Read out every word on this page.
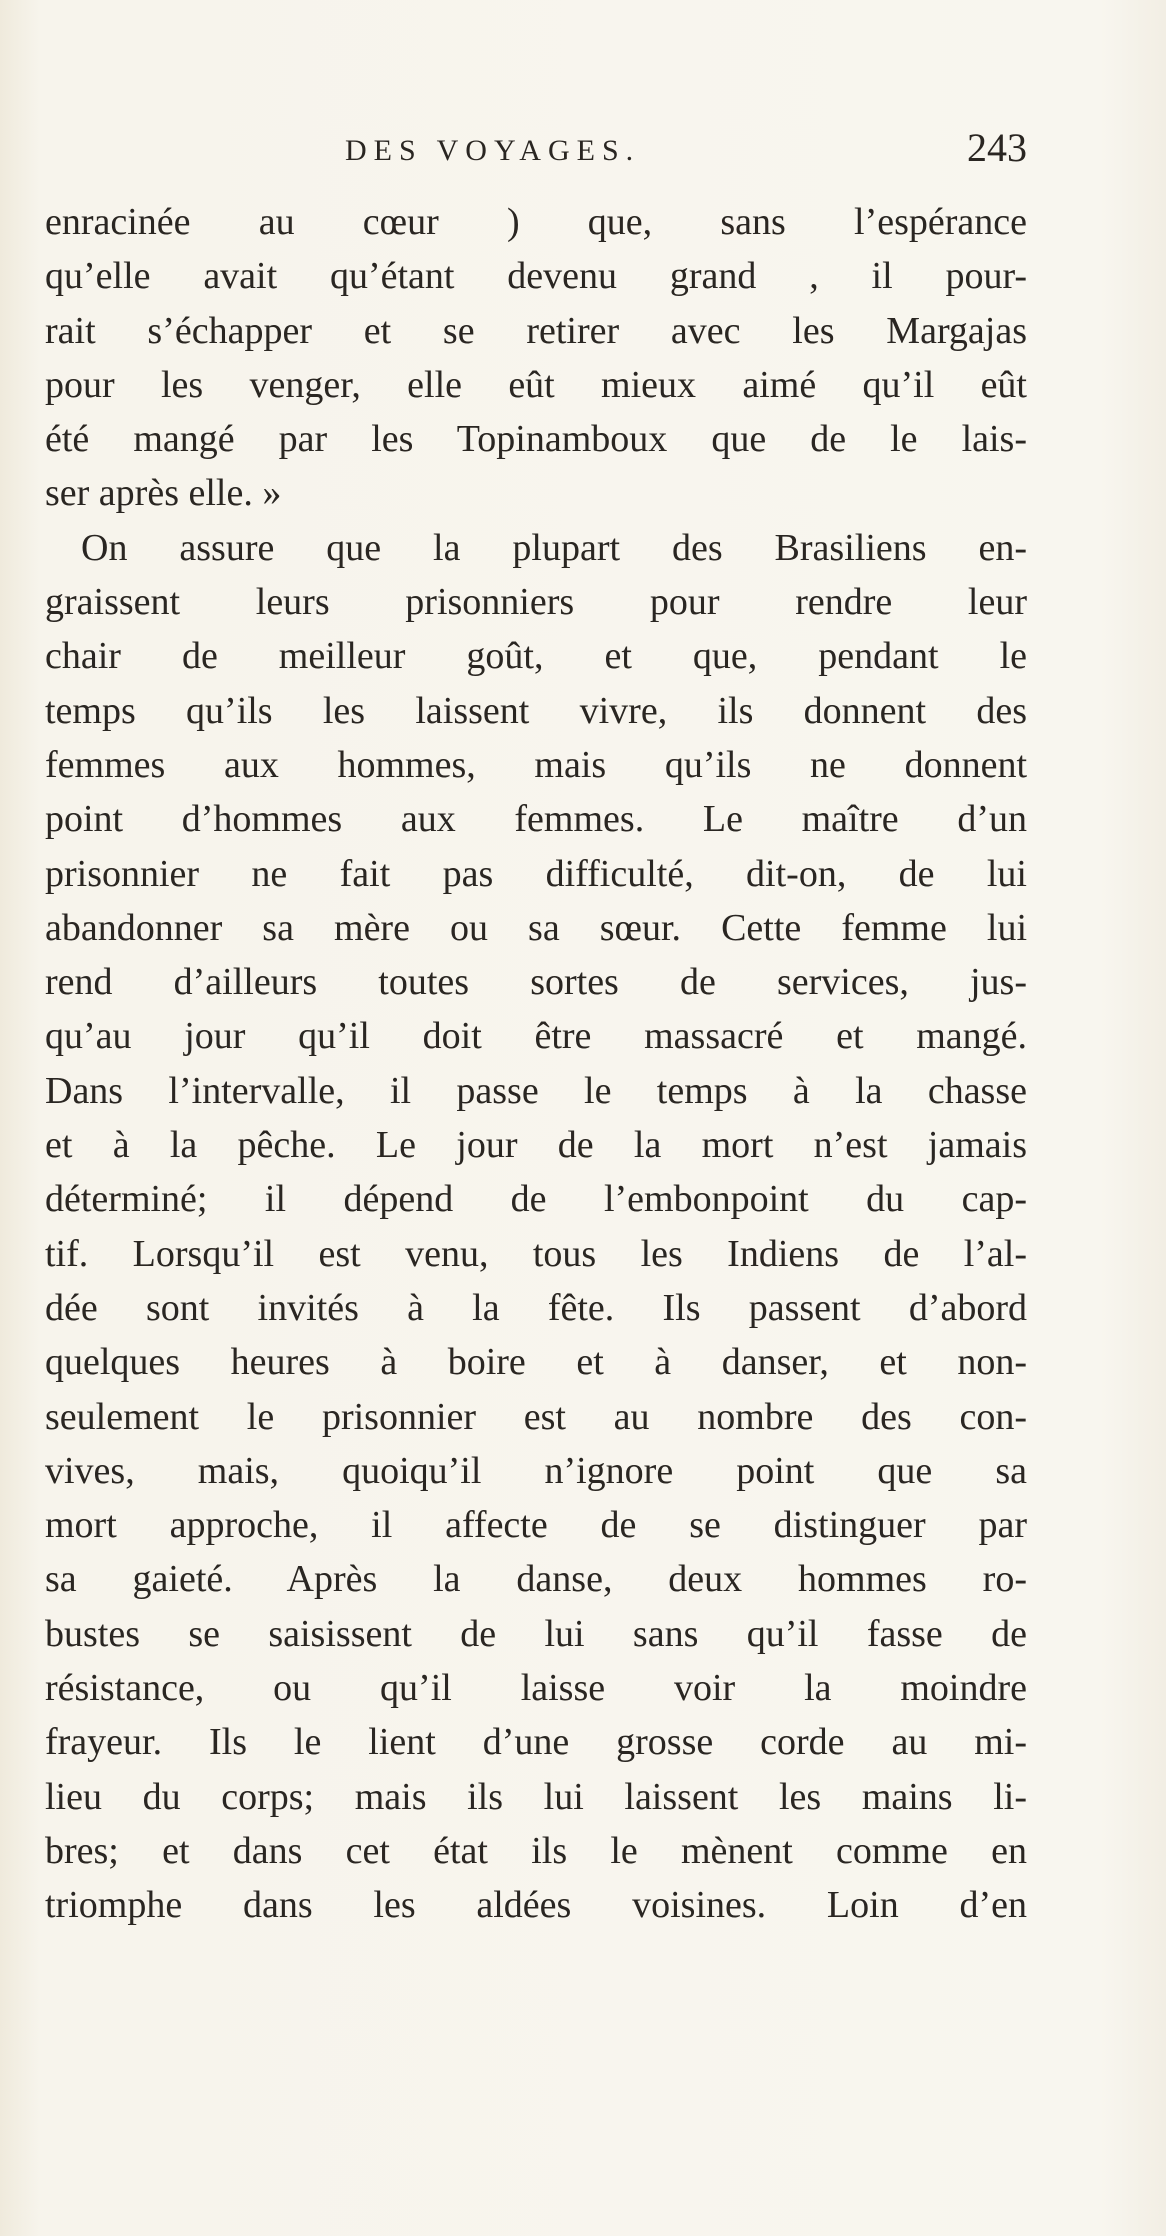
DES VOYAGES.	243
enracinée au cœur ) que, sans l’espérance
qu’elle avait qu’étant devenu grand , il pour-
rait s’échapper et se retirer avec les Margajas
pour les venger, elle eût mieux aimé qu’il eût
été mangé par les Topinamboux que de le lais-
ser après elle. »
On assure que la plupart des Brasiliens en-
graissent leurs prisonniers pour rendre leur
chair de meilleur goût, et que, pendant le
temps qu’ils les laissent vivre, ils donnent des
femmes aux hommes, mais qu’ils ne donnent
point d’hommes aux femmes. Le maître d’un
prisonnier ne fait pas difficulté, dit-on, de lui
abandonner sa mère ou sa sœur. Cette femme lui
rend d’ailleurs toutes sortes de services, jus-
qu’au jour qu’il doit être massacré et mangé.
Dans l’intervalle, il passe le temps à la chasse
et à la pêche. Le jour de la mort n’est jamais
déterminé; il dépend de l’embonpoint du cap-
tif. Lorsqu’il est venu, tous les Indiens de l’al-
dée sont invités à la fête. Ils passent d’abord
quelques heures à boire et à danser, et non-
seulement le prisonnier est au nombre des con-
vives, mais, quoiqu’il n’ignore point que sa
mort approche, il affecte de se distinguer par
sa gaieté. Après la danse, deux hommes ro-
bustes se saisissent de lui sans qu’il fasse de
résistance, ou qu’il laisse voir la moindre
frayeur. Ils le lient d’une grosse corde au mi-
lieu du corps; mais ils lui laissent les mains li-
bres; et dans cet état ils le mènent comme en
triomphe dans les aldées voisines. Loin d’en
